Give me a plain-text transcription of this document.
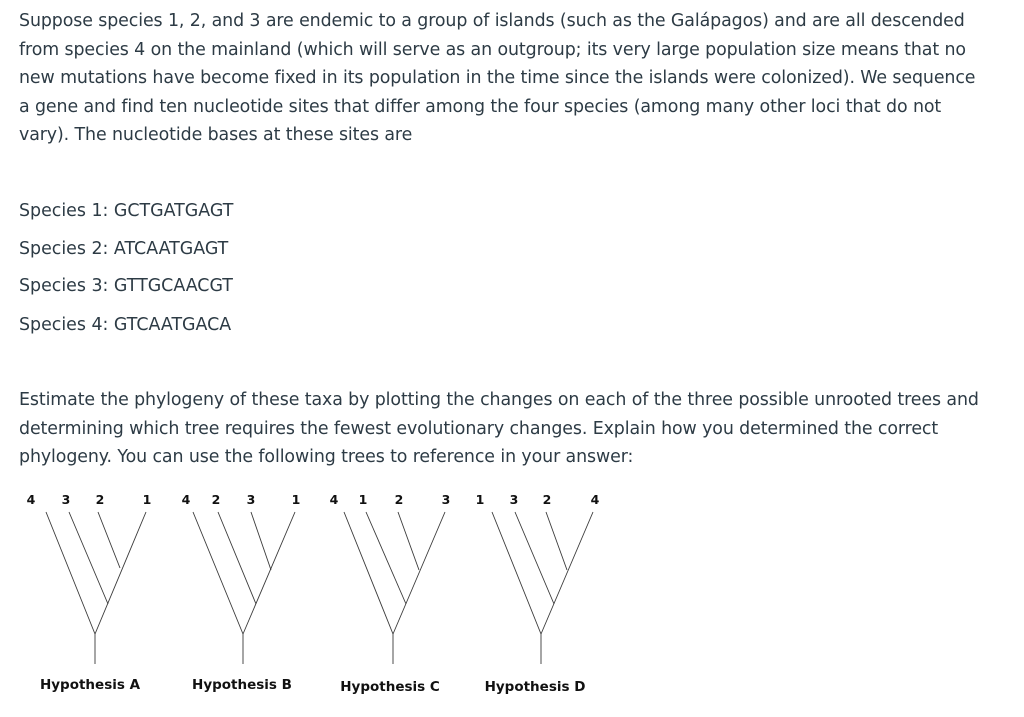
Suppose species 1, 2, and 3 are endemic to a group of islands (such as the Galápagos) and are all descended from species 4 on the mainland (which will serve as an outgroup; its very large population size means that no new mutations have become fixed in its population in the time since the islands were colonized). We sequence a gene and find ten nucleotide sites that differ among the four species (among many other loci that do not vary). The nucleotide bases at these sites are

Species 1: GCTGATGAGT
Species 2: ATCAATGAGT
Species 3: GTTGCAACGT
Species 4: GTCAATGACA

Estimate the phylogeny of these taxa by plotting the changes on each of the three possible unrooted trees and determining which tree requires the fewest evolutionary changes. Explain how you determined the correct phylogeny. You can use the following trees to reference in your answer:

4 3 2	1
Hypothesis A
4 2 3	1
Hypothesis B
4 1 2	3
Hypothesis C
1 3 2	4
Hypothesis D
